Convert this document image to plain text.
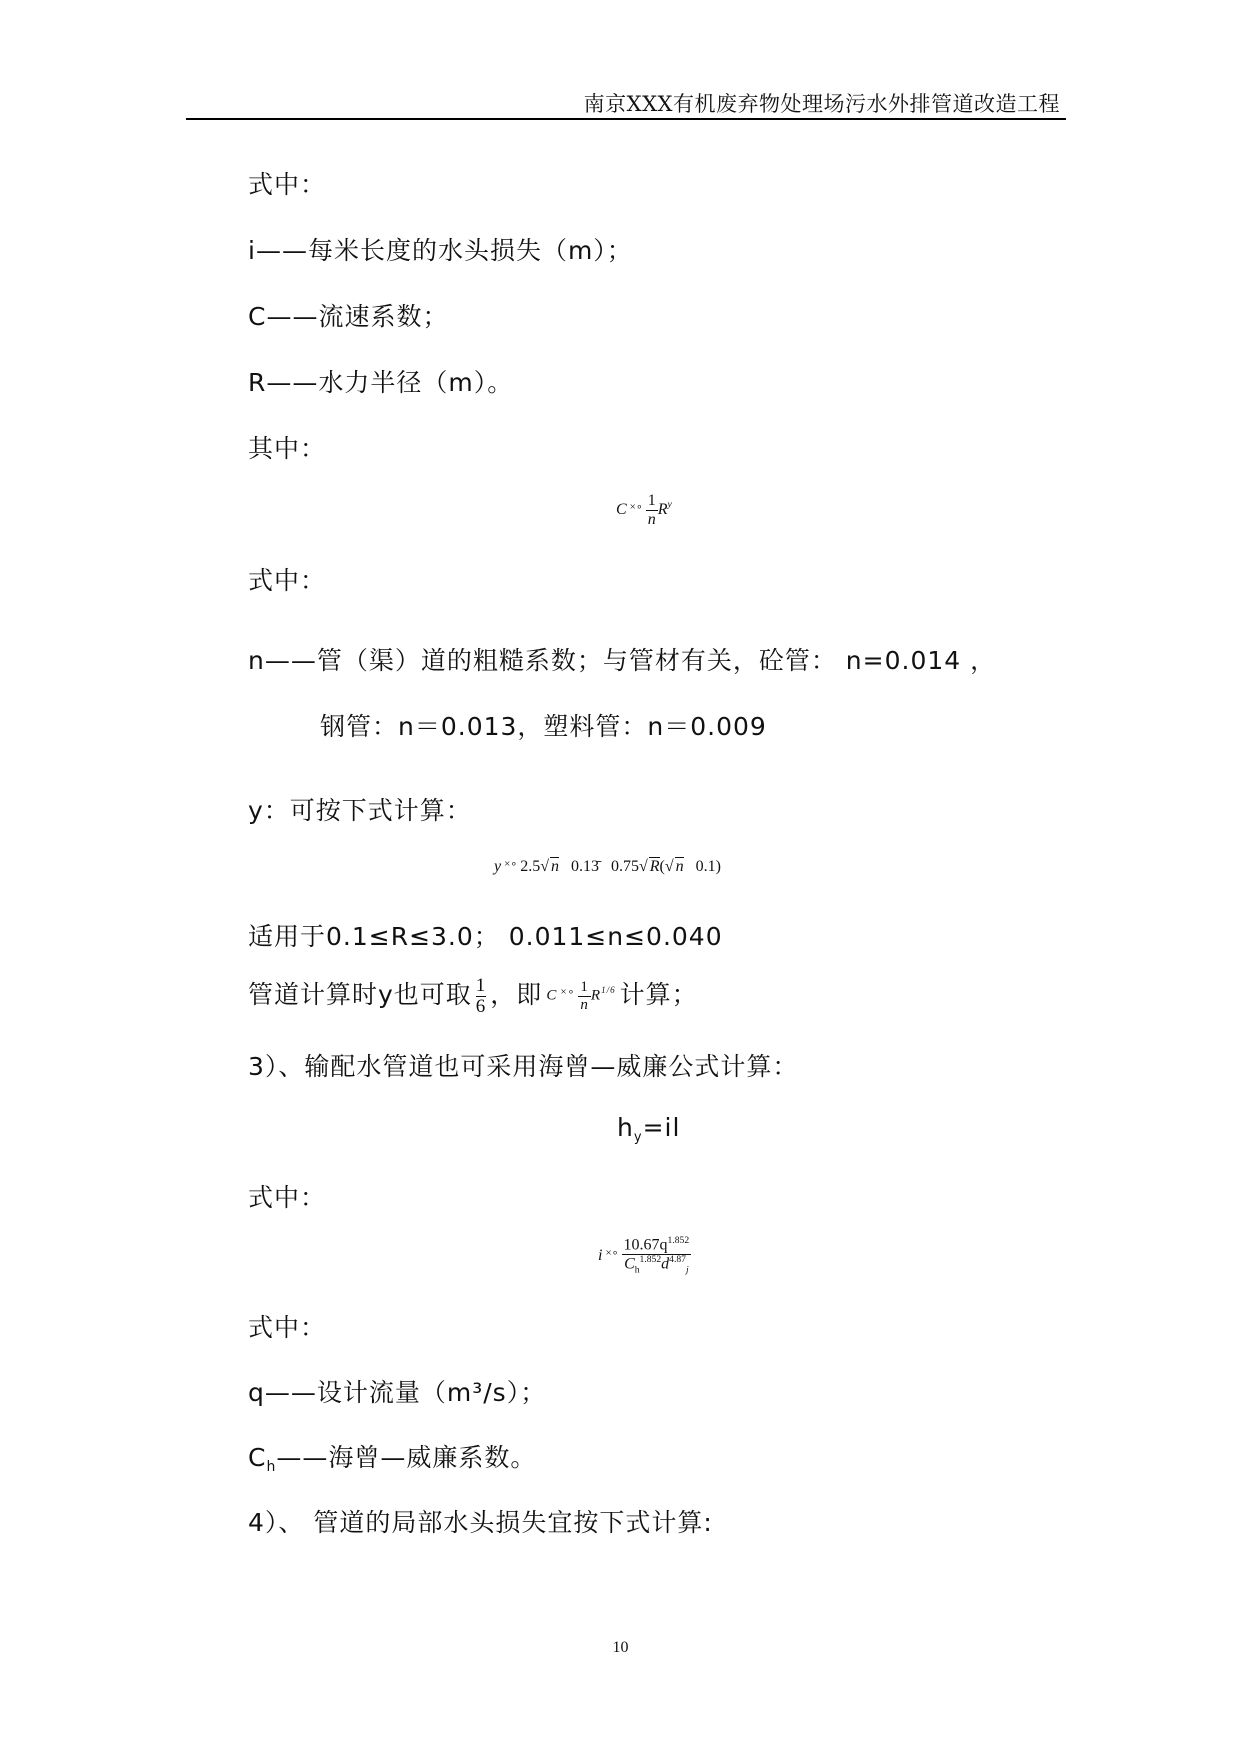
南京XXX有机废弃物处理场污水外排管道改造工程
式中：
i——每米长度的水头损失（m）；
C——流速系数；
R——水力半径（m）。
其中：
C $^{\times\circ} \frac{1}{n} R^y$
式中：
n——管（渠）道的粗糙系数；与管材有关，砼管： n=0.014 ，
钢管：n＝0.013，塑料管：n＝0.009
y：可按下式计算：
y ×∘ 2.5√ n 0.13̄ 0.75√ R(√ n 0.1)
适用于0.1≤R≤3.0； 0.011≤n≤0.040
管道计算时y也可取 $\frac{1}{6}$ ，即 C $^{\times\circ} \frac{1}{n} R^{1/6}$ 计算；
3）、输配水管道也可采用海曾—威廉公式计算：
$h_y=il$
式中：
i $^{\times\circ} \frac{10.67q^{1.852}}{C_h^{1.852}d^{4.87}_j}$
式中：
q——设计流量（m³/s）；
$C_h——$海曾—威廉系数。
4）、 管道的局部水头损失宜按下式计算:
10
